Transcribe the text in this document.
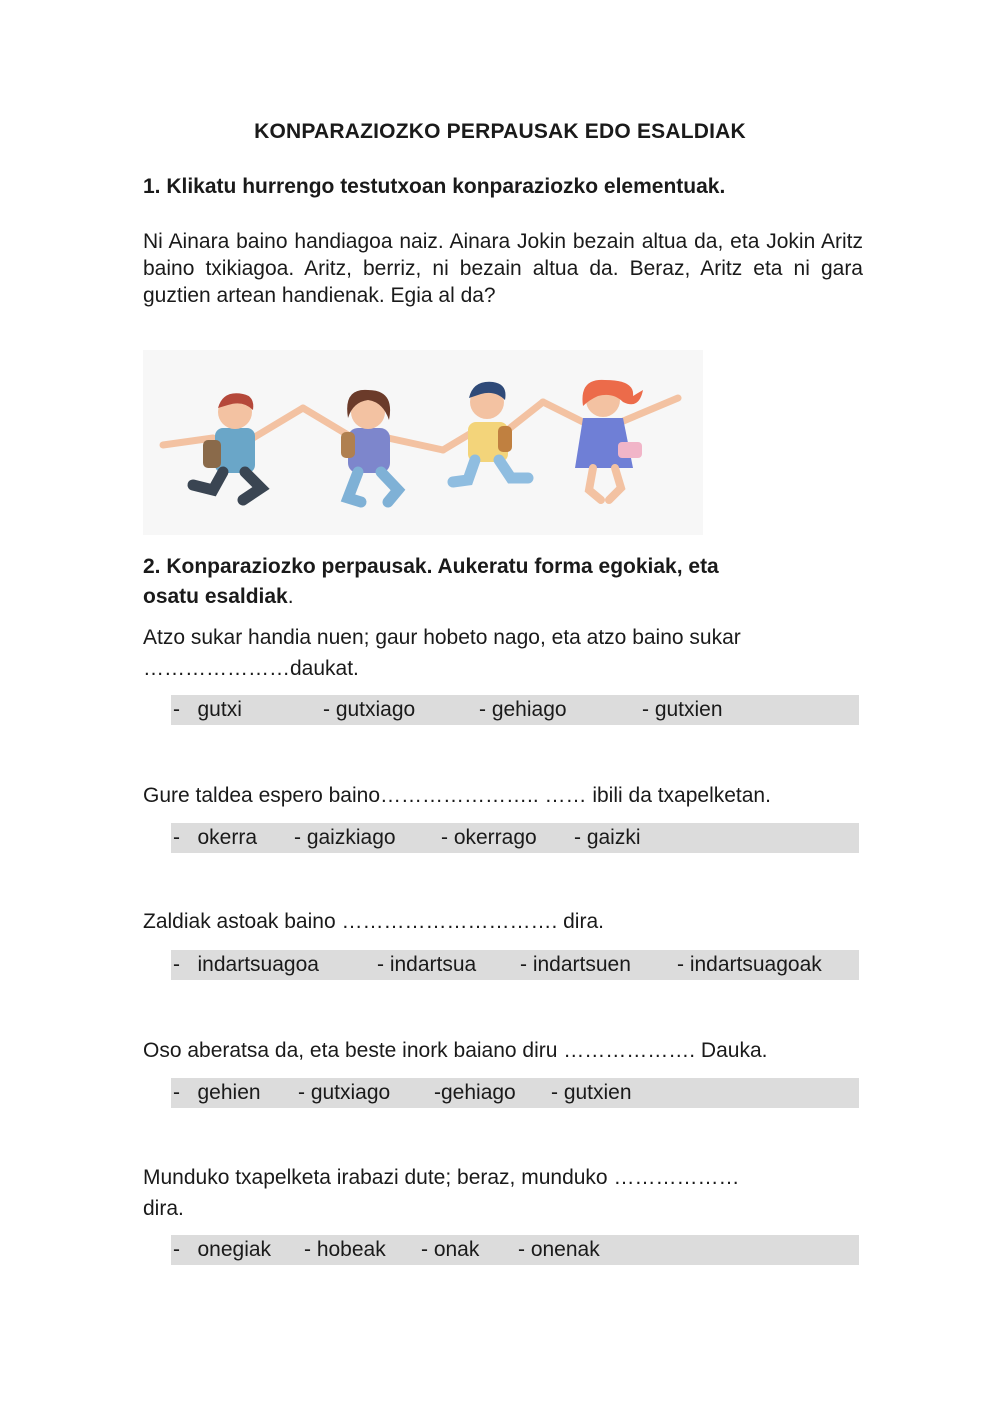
KONPARAZIOZKO PERPAUSAK EDO ESALDIAK
1. Klikatu hurrengo testutxoan konparaziozko elementuak.
Ni Ainara baino handiagoa naiz. Ainara Jokin bezain altua da, eta Jokin Aritz baino txikiagoa. Aritz, berriz, ni bezain altua da. Beraz, Aritz eta ni gara guztien artean handienak. Egia al da?
2. Konparaziozko perpausak. Aukeratu forma egokiak, eta
osatu esaldiak.
Atzo sukar handia nuen; gaur hobeto nago, eta atzo baino sukar
…………………daukat.
-   gutxi	- gutxiago	- gehiago	- gutxien
Gure taldea espero baino………………….. …… ibili da txapelketan.
-   okerra - gaizkiago - okerrago - gaizki
Zaldiak astoak baino …………………………. dira.
-   indartsuagoa	- indartsua - indartsuen - indartsuagoak
Oso aberatsa da, eta beste inork baiano diru ………………. Dauka.
-   gehien - gutxiago -gehiago - gutxien
Munduko txapelketa irabazi dute; beraz, munduko ………………
dira.
-   onegiak - hobeak - onak - onenak
